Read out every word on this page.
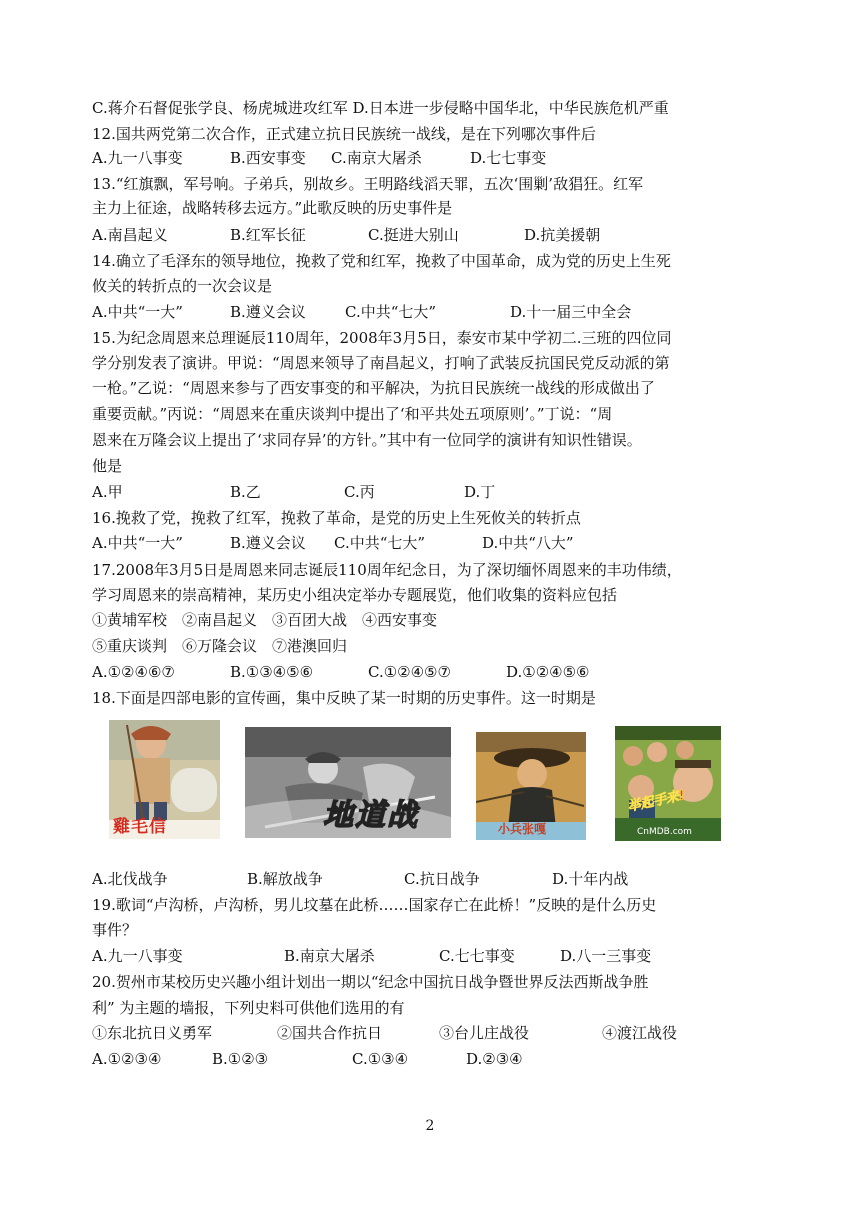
C.蒋介石督促张学良、杨虎城进攻红军 D.日本进一步侵略中国华北，中华民族危机严重
12.国共两党第二次合作，正式建立抗日民族统一战线，是在下列哪次事件后
A.九一八事变	B.西安事变 C.南京大屠杀	D.七七事变
13.“红旗飘，军号响。子弟兵，别故乡。王明路线滔天罪，五次‘围剿’敌猖狂。红军
主力上征途，战略转移去远方。”此歌反映的历史事件是
A.南昌起义	B.红军长征	C.挺进大别山	D.抗美援朝
14.确立了毛泽东的领导地位，挽救了党和红军，挽救了中国革命，成为党的历史上生死
攸关的转折点的一次会议是
A.中共“一大”	B.遵义会议	C.中共“七大”	D.十一届三中全会
15.为纪念周恩来总理诞辰110周年，2008年3月5日，泰安市某中学初二.三班的四位同
学分别发表了演讲。甲说：“周恩来领导了南昌起义，打响了武装反抗国民党反动派的第
一枪。”乙说：“周恩来参与了西安事变的和平解决，为抗日民族统一战线的形成做出了
重要贡献。”丙说：“周恩来在重庆谈判中提出了‘和平共处五项原则’。”丁说：“周
恩来在万隆会议上提出了‘求同存异’的方针。”其中有一位同学的演讲有知识性错误。
他是
A.甲	B.乙	C.丙	D.丁
16.挽救了党，挽救了红军，挽救了革命，是党的历史上生死攸关的转折点
A.中共“一大”	B.遵义会议 C.中共“七大”	D.中共“八大”
17.2008年3月5日是周恩来同志诞辰110周年纪念日，为了深切缅怀周恩来的丰功伟绩，
学习周恩来的崇高精神，某历史小组决定举办专题展览，他们收集的资料应包括
①黄埔军校　②南昌起义　③百团大战　④西安事变
⑤重庆谈判　⑥万隆会议　⑦港澳回归
A.①②④⑥⑦	B.①③④⑤⑥	C.①②④⑤⑦	D.①②④⑤⑥
18.下面是四部电影的宣传画，集中反映了某一时期的历史事件。这一时期是
雞毛信	地道战	小兵张嘎
举起手来!
CnMDB.com
A.北伐战争	B.解放战争	C.抗日战争	D.十年内战
19.歌词“卢沟桥，卢沟桥，男儿坟墓在此桥……国家存亡在此桥！”反映的是什么历史
事件？
A.九一八事变	B.南京大屠杀	C.七七事变	D.八一三事变
20.贺州市某校历史兴趣小组计划出一期以“纪念中国抗日战争暨世界反法西斯战争胜
利” 为主题的墙报，下列史料可供他们选用的有
①东北抗日义勇军	②国共合作抗日	③台儿庄战役	④渡江战役
A.①②③④	B.①②③	C.①③④	D.②③④
2
